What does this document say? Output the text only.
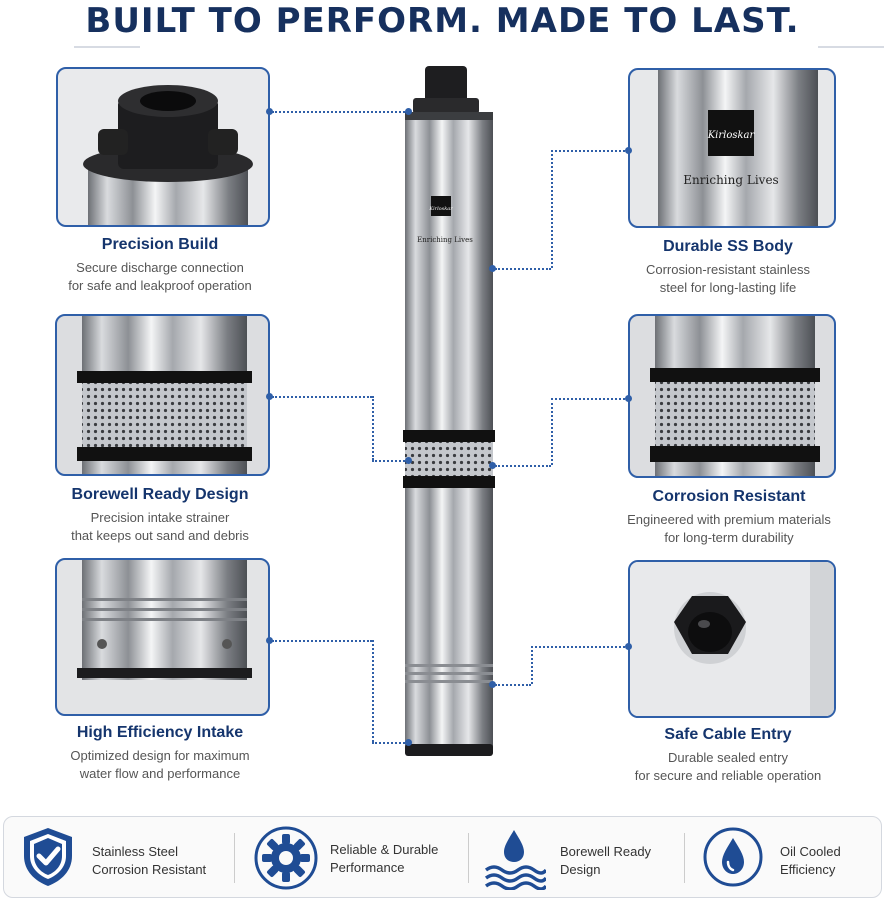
BUILT TO PERFORM. MADE TO LAST.
Kirloskar
Enriching Lives
Precision Build

Secure discharge connection

for safe and leakproof operation

Borewell Ready Design

Precision intake strainer

that keeps out sand and debris

High Efficiency Intake

Optimized design for maximum

water flow and performance

Kirloskar
Enriching Lives
Durable SS Body

Corrosion-resistant stainless

steel for long-lasting life

Corrosion Resistant

Engineered with premium materials

for long-term durability

Safe Cable Entry

Durable sealed entry

for secure and reliable operation

Stainless Steel
Corrosion Resistant
Reliable & Durable
Performance
Borewell Ready
Design
Oil Cooled
Efficiency
